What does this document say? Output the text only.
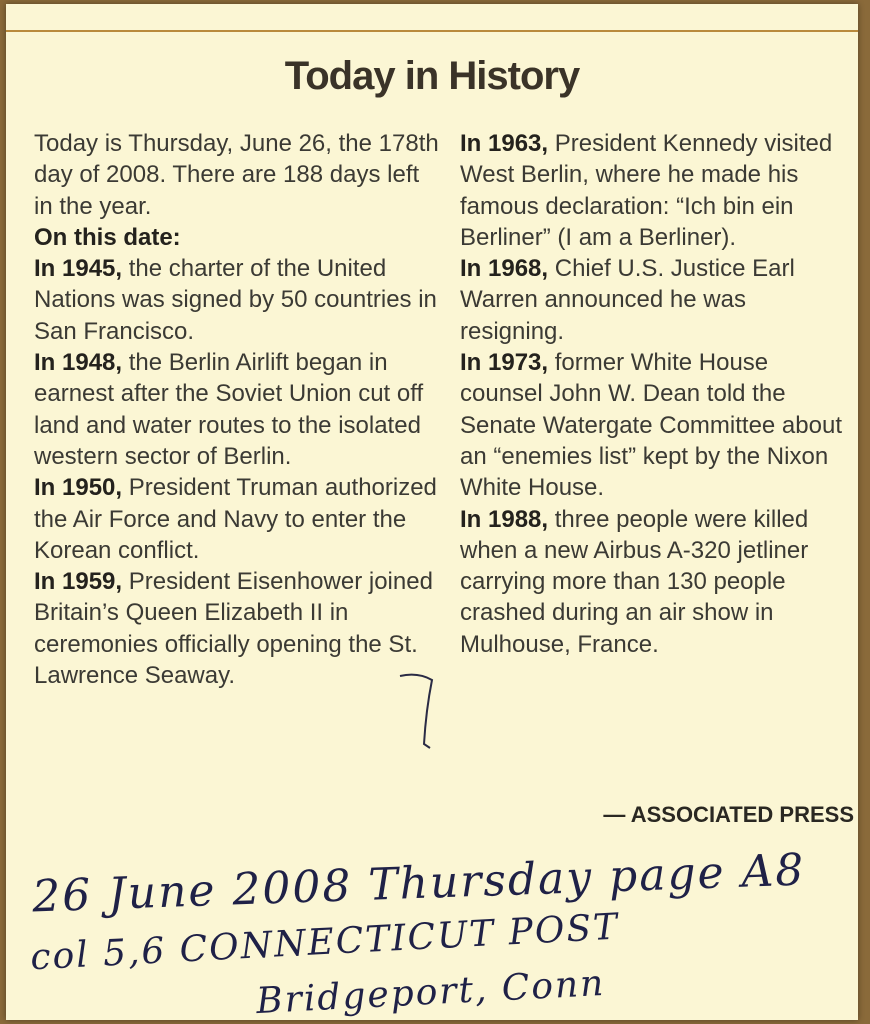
Today in History

Today is Thursday, June 26, the 178th day of 2008. There are 188 days left in the year.

On this date:

In 1945, the charter of the United Nations was signed by 50 countries in San Francisco.

In 1948, the Berlin Airlift began in earnest after the Soviet Union cut off land and water routes to the isolated western sector of Berlin.

In 1950, President Truman authorized the Air Force and Navy to enter the Korean conflict.

In 1959, President Eisenhower joined Britain’s Queen Elizabeth II in ceremonies officially opening the St. Lawrence Seaway.

In 1963, President Kennedy visited West Berlin, where he made his famous declaration: “Ich bin ein Berliner” (I am a Berliner).

In 1968, Chief U.S. Justice Earl Warren announced he was resigning.

In 1973, former White House counsel John W. Dean told the Senate Watergate Committee about an “enemies list” kept by the Nixon White House.

In 1988, three people were killed when a new Airbus A-320 jetliner carrying more than 130 people crashed during an air show in Mulhouse, France.

— ASSOCIATED PRESS
26 June 2008 Thursday page A8
col 5,6 CONNECTICUT POST
Bridgeport, Conn
